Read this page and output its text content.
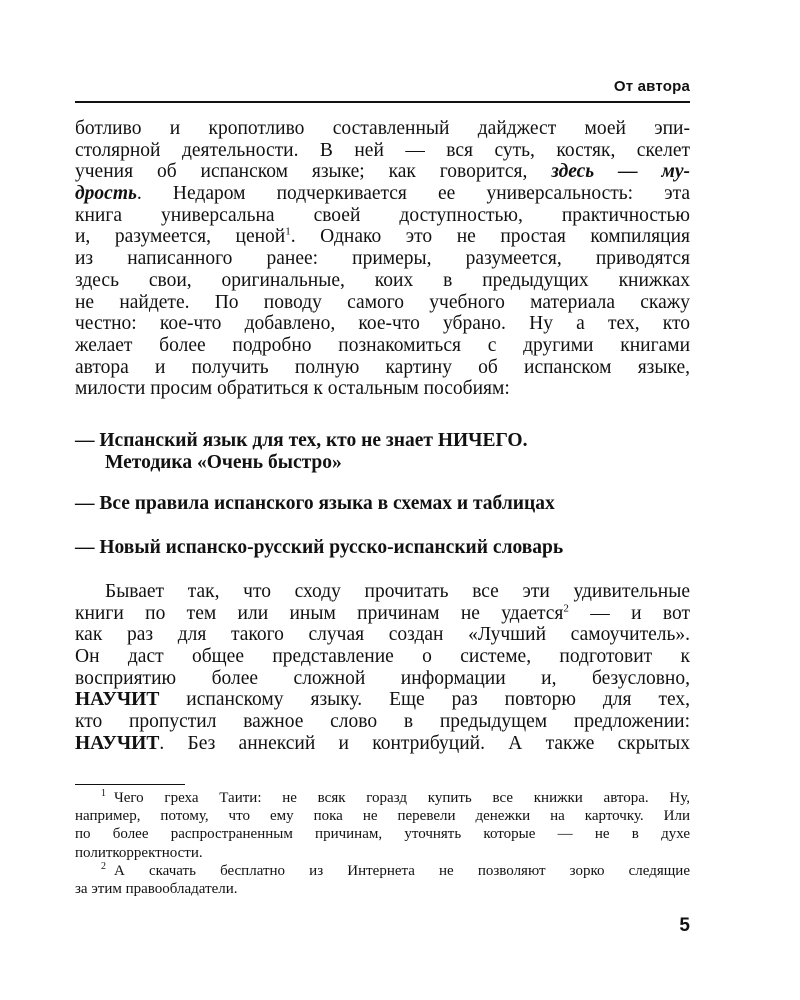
От автора
ботливо и кропотливо составленный дайджест моей эпи-
столярной деятельности. В ней — вся суть, костяк, скелет
учения об испанском языке; как говорится, здесь — му-
дрость. Недаром подчеркивается ее универсальность: эта
книга универсальна своей доступностью, практичностью
и, разумеется, ценой$^1$. Однако это не простая компиляция
из написанного ранее: примеры, разумеется, приводятся
здесь свои, оригинальные, коих в предыдущих книжках
не найдете. По поводу самого учебного материала скажу
честно: кое-что добавлено, кое-что убрано. Ну а тех, кто
желает более подробно познакомиться с другими книгами
автора и получить полную картину об испанском языке,
милости просим обратиться к остальным пособиям:
— Испанский язык для тех, кто не знает НИЧЕГО.
Методика «Очень быстро»
— Все правила испанского языка в схемах и таблицах
— Новый испанско-русский русско-испанский словарь
Бывает так, что сходу прочитать все эти удивительные
книги по тем или иным причинам не удается$^2$ — и вот
как раз для такого случая создан «Лучший самоучитель».
Он даст общее представление о системе, подготовит к
восприятию более сложной информации и, безусловно,
НАУЧИТ испанскому языку. Еще раз повторю для тех,
кто пропустил важное слово в предыдущем предложении:
НАУЧИТ. Без аннексий и контрибуций. А также скрытых
$^1$ Чего греха Таити: не всяк горазд купить все книжки автора. Ну,
например, потому, что ему пока не перевели денежки на карточку. Или
по более распространенным причинам, уточнять которые — не в духе
политкорректности.
$^2$ А скачать бесплатно из Интернета не позволяют зорко следящие
за этим правообладатели.
5
